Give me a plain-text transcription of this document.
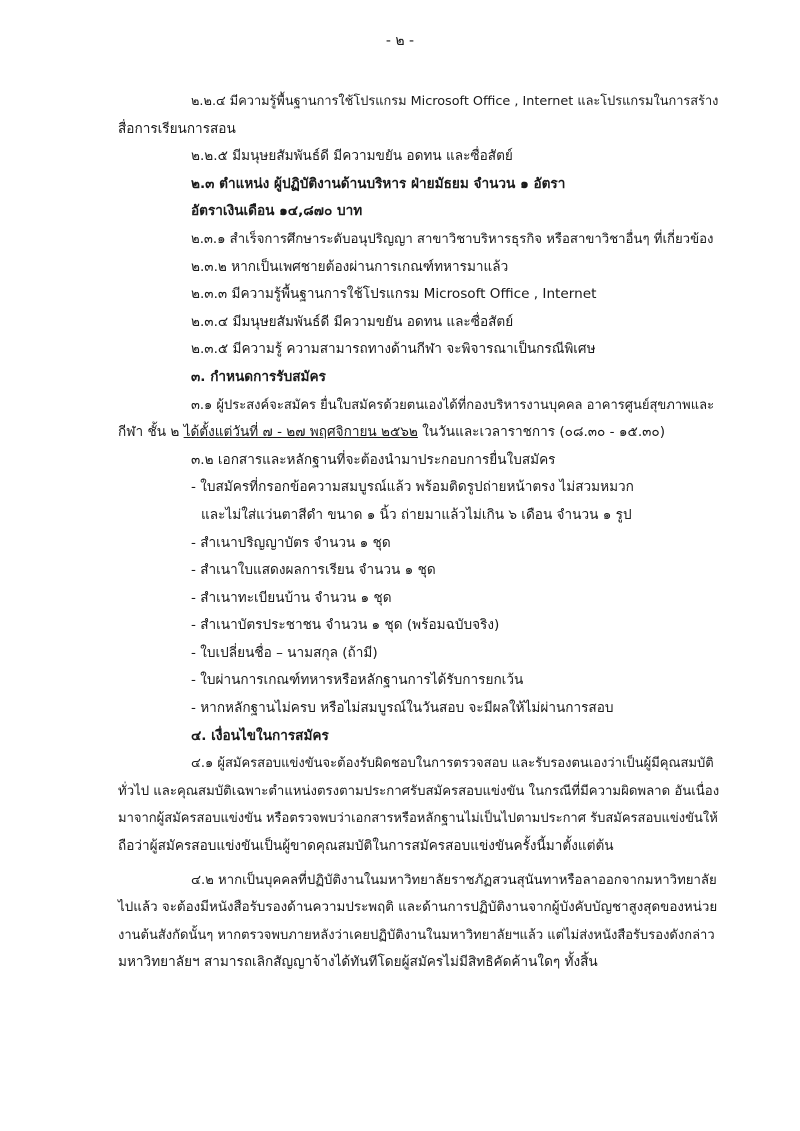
- ๒ -
๒.๒.๔ มีความรู้พื้นฐานการใช้โปรแกรม Microsoft Office , Internet และโปรแกรมในการสร้าง
สื่อการเรียนการสอน
๒.๒.๕ มีมนุษยสัมพันธ์ดี มีความขยัน อดทน และซื่อสัตย์
๒.๓ ตำแหน่ง ผู้ปฏิบัติงานด้านบริหาร ฝ่ายมัธยม จำนวน ๑ อัตรา
อัตราเงินเดือน ๑๔,๘๗๐ บาท
๒.๓.๑ สำเร็จการศึกษาระดับอนุปริญญา สาขาวิชาบริหารธุรกิจ หรือสาขาวิชาอื่นๆ ที่เกี่ยวข้อง
๒.๓.๒ หากเป็นเพศชายต้องผ่านการเกณฑ์ทหารมาแล้ว
๒.๓.๓ มีความรู้พื้นฐานการใช้โปรแกรม Microsoft Office , Internet
๒.๓.๔ มีมนุษยสัมพันธ์ดี มีความขยัน อดทน และซื่อสัตย์
๒.๓.๕ มีความรู้ ความสามารถทางด้านกีฬา จะพิจารณาเป็นกรณีพิเศษ
๓. กำหนดการรับสมัคร
๓.๑ ผู้ประสงค์จะสมัคร ยื่นใบสมัครด้วยตนเองได้ที่กองบริหารงานบุคคล อาคารศูนย์สุขภาพและ
กีฬา ชั้น ๒ ได้ตั้งแต่วันที่ ๗ - ๒๗ พฤศจิกายน ๒๕๖๒ ในวันและเวลาราชการ (๐๘.๓๐ - ๑๕.๓๐)
๓.๒ เอกสารและหลักฐานที่จะต้องนำมาประกอบการยื่นใบสมัคร
- ใบสมัครที่กรอกข้อความสมบูรณ์แล้ว พร้อมติดรูปถ่ายหน้าตรง ไม่สวมหมวก
และไม่ใส่แว่นตาสีดำ ขนาด ๑ นิ้ว ถ่ายมาแล้วไม่เกิน ๖ เดือน จำนวน ๑ รูป
- สำเนาปริญญาบัตร จำนวน ๑ ชุด
- สำเนาใบแสดงผลการเรียน จำนวน ๑ ชุด
- สำเนาทะเบียนบ้าน จำนวน ๑ ชุด
- สำเนาบัตรประชาชน จำนวน ๑ ชุด (พร้อมฉบับจริง)
- ใบเปลี่ยนชื่อ – นามสกุล (ถ้ามี)
- ใบผ่านการเกณฑ์ทหารหรือหลักฐานการได้รับการยกเว้น
- หากหลักฐานไม่ครบ หรือไม่สมบูรณ์ในวันสอบ จะมีผลให้ไม่ผ่านการสอบ
๔. เงื่อนไขในการสมัคร
๔.๑ ผู้สมัครสอบแข่งขันจะต้องรับผิดชอบในการตรวจสอบ และรับรองตนเองว่าเป็นผู้มีคุณสมบัติ
ทั่วไป และคุณสมบัติเฉพาะตำแหน่งตรงตามประกาศรับสมัครสอบแข่งขัน ในกรณีที่มีความผิดพลาด อันเนื่อง
มาจากผู้สมัครสอบแข่งขัน หรือตรวจพบว่าเอกสารหรือหลักฐานไม่เป็นไปตามประกาศ รับสมัครสอบแข่งขันให้
ถือว่าผู้สมัครสอบแข่งขันเป็นผู้ขาดคุณสมบัติในการสมัครสอบแข่งขันครั้งนี้มาตั้งแต่ต้น
๔.๒ หากเป็นบุคคลที่ปฏิบัติงานในมหาวิทยาลัยราชภัฏสวนสุนันทาหรือลาออกจากมหาวิทยาลัย
ไปแล้ว จะต้องมีหนังสือรับรองด้านความประพฤติ และด้านการปฏิบัติงานจากผู้บังคับบัญชาสูงสุดของหน่วย
งานต้นสังกัดนั้นๆ หากตรวจพบภายหลังว่าเคยปฏิบัติงานในมหาวิทยาลัยฯแล้ว แต่ไม่ส่งหนังสือรับรองดังกล่าว
มหาวิทยาลัยฯ สามารถเลิกสัญญาจ้างได้ทันทีโดยผู้สมัครไม่มีสิทธิคัดค้านใดๆ ทั้งสิ้น
